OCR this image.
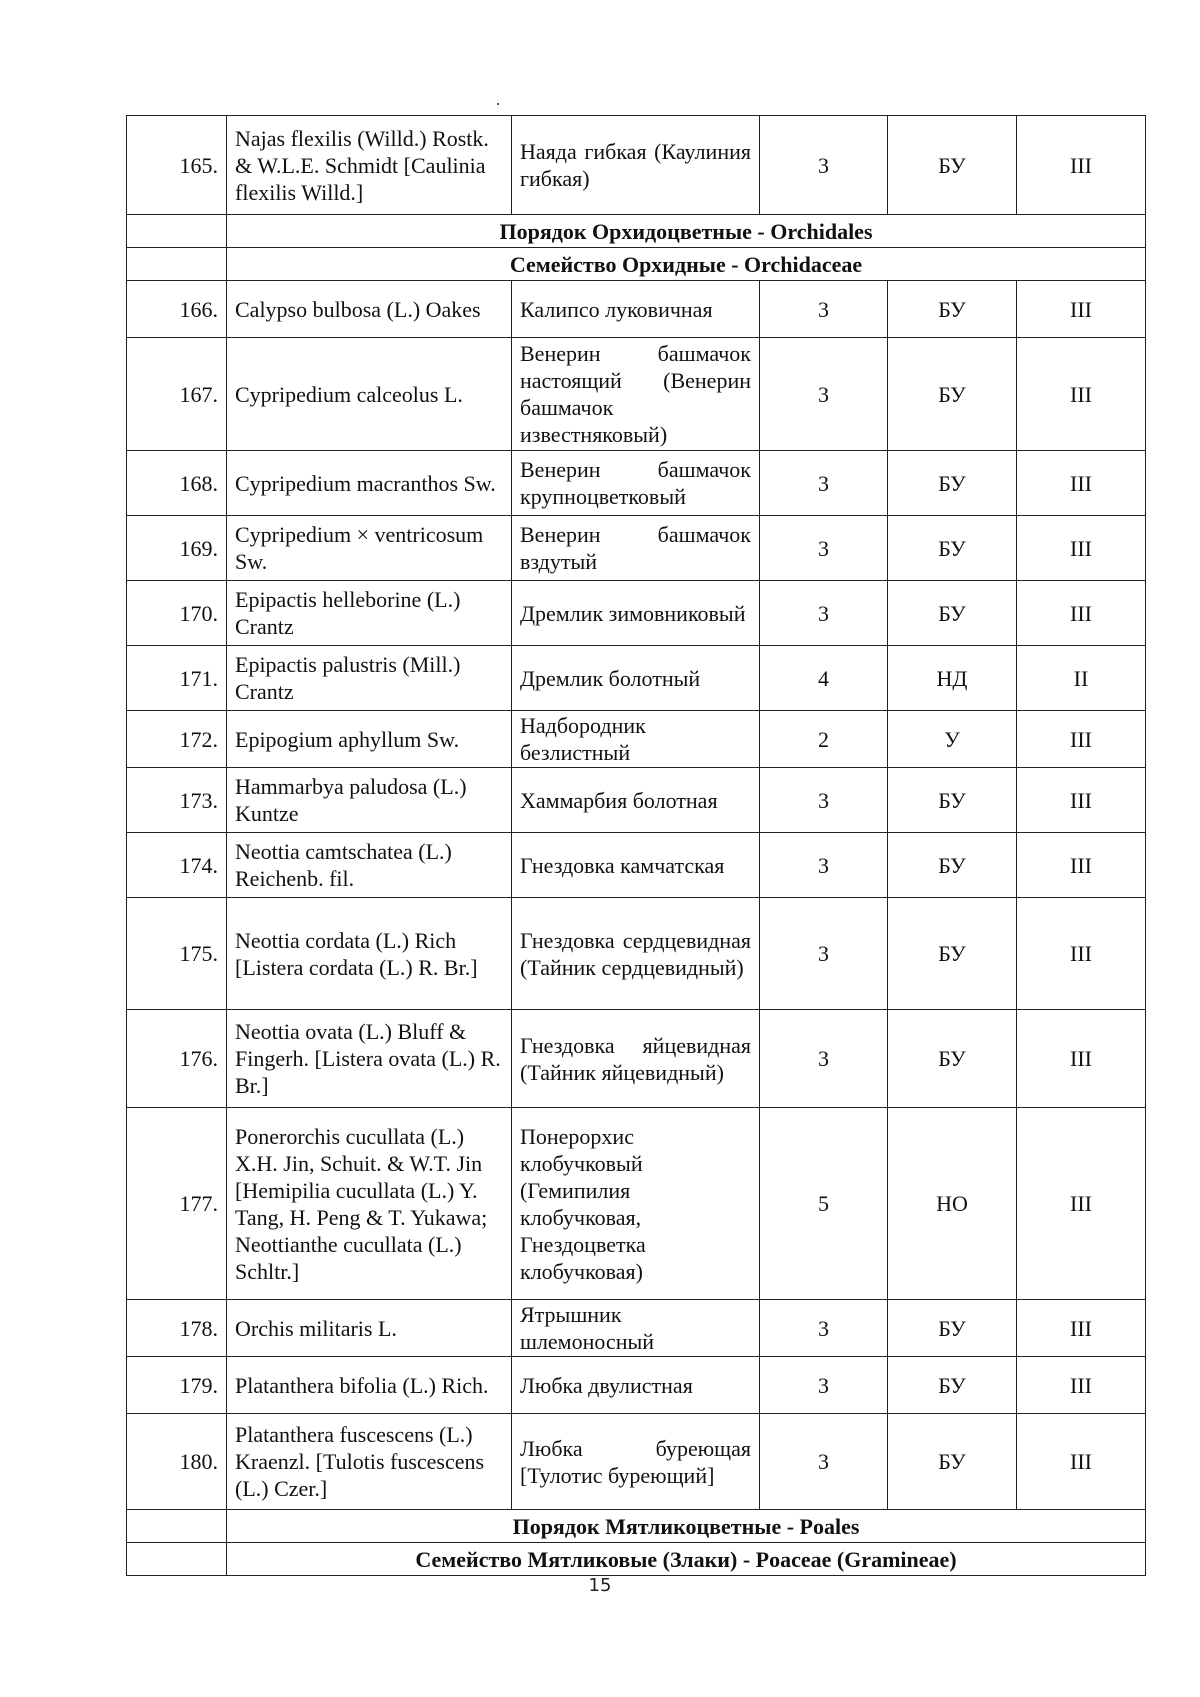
165.	Najas flexilis (Willd.) Rostk. & W.L.E. Schmidt [Caulinia flexilis Willd.]	Наяда гибкая (Каулиния гибкая)	3	БУ	III
	Порядок Орхидоцветные - Orchidales				
	Семейство Орхидные - Orchidaceae				
166.	Calypso bulbosa (L.) Oakes	Калипсо луковичная	3	БУ	III
167.	Cypripedium calceolus L.	Венерин башмачок настоящий (Венерин башмачок известняковый)	3	БУ	III
168.	Cypripedium macranthos Sw.	Венерин башмачок крупноцветковый	3	БУ	III
169.	Cypripedium × ventricosum Sw.	Венерин башмачок вздутый	3	БУ	III
170.	Epipactis helleborine (L.) Crantz	Дремлик зимовниковый	3	БУ	III
171.	Epipactis palustris (Mill.) Crantz	Дремлик болотный	4	НД	II
172.	Epipogium aphyllum Sw.	Надбородник безлистный	2	У	III
173.	Hammarbya paludosa (L.) Kuntze	Хаммарбия болотная	3	БУ	III
174.	Neottia camtschatea (L.) Reichenb. fil.	Гнездовка камчатская	3	БУ	III
175.	Neottia cordata (L.) Rich [Listera cordata (L.) R. Br.]	Гнездовка сердцевидная (Тайник сердцевидный)	3	БУ	III
176.	Neottia ovata (L.) Bluff & Fingerh. [Listera ovata (L.) R. Br.]	Гнездовка яйцевидная (Тайник яйцевидный)	3	БУ	III
177.	Ponerorchis cucullata (L.) X.H. Jin, Schuit. & W.T. Jin [Hemipilia cucullata (L.) Y. Tang, H. Peng & T. Yukawa; Neottianthe cucullata (L.) Schltr.]	Понерорхис клобучковый (Гемипилия клобучковая, Гнездоцветка клобучковая)	5	НО	III
178.	Orchis militaris L.	Ятрышник шлемоносный	3	БУ	III
179.	Platanthera bifolia (L.) Rich.	Любка двулистная	3	БУ	III
180.	Platanthera fuscescens (L.) Kraenzl. [Tulotis fuscescens (L.) Czer.]	Любка буреющая [Тулотис буреющий]	3	БУ	III
	Порядок Мятликоцветные - Poales				
	Семейство Мятликовые (Злаки) - Poaceae (Gramineae)				
15
